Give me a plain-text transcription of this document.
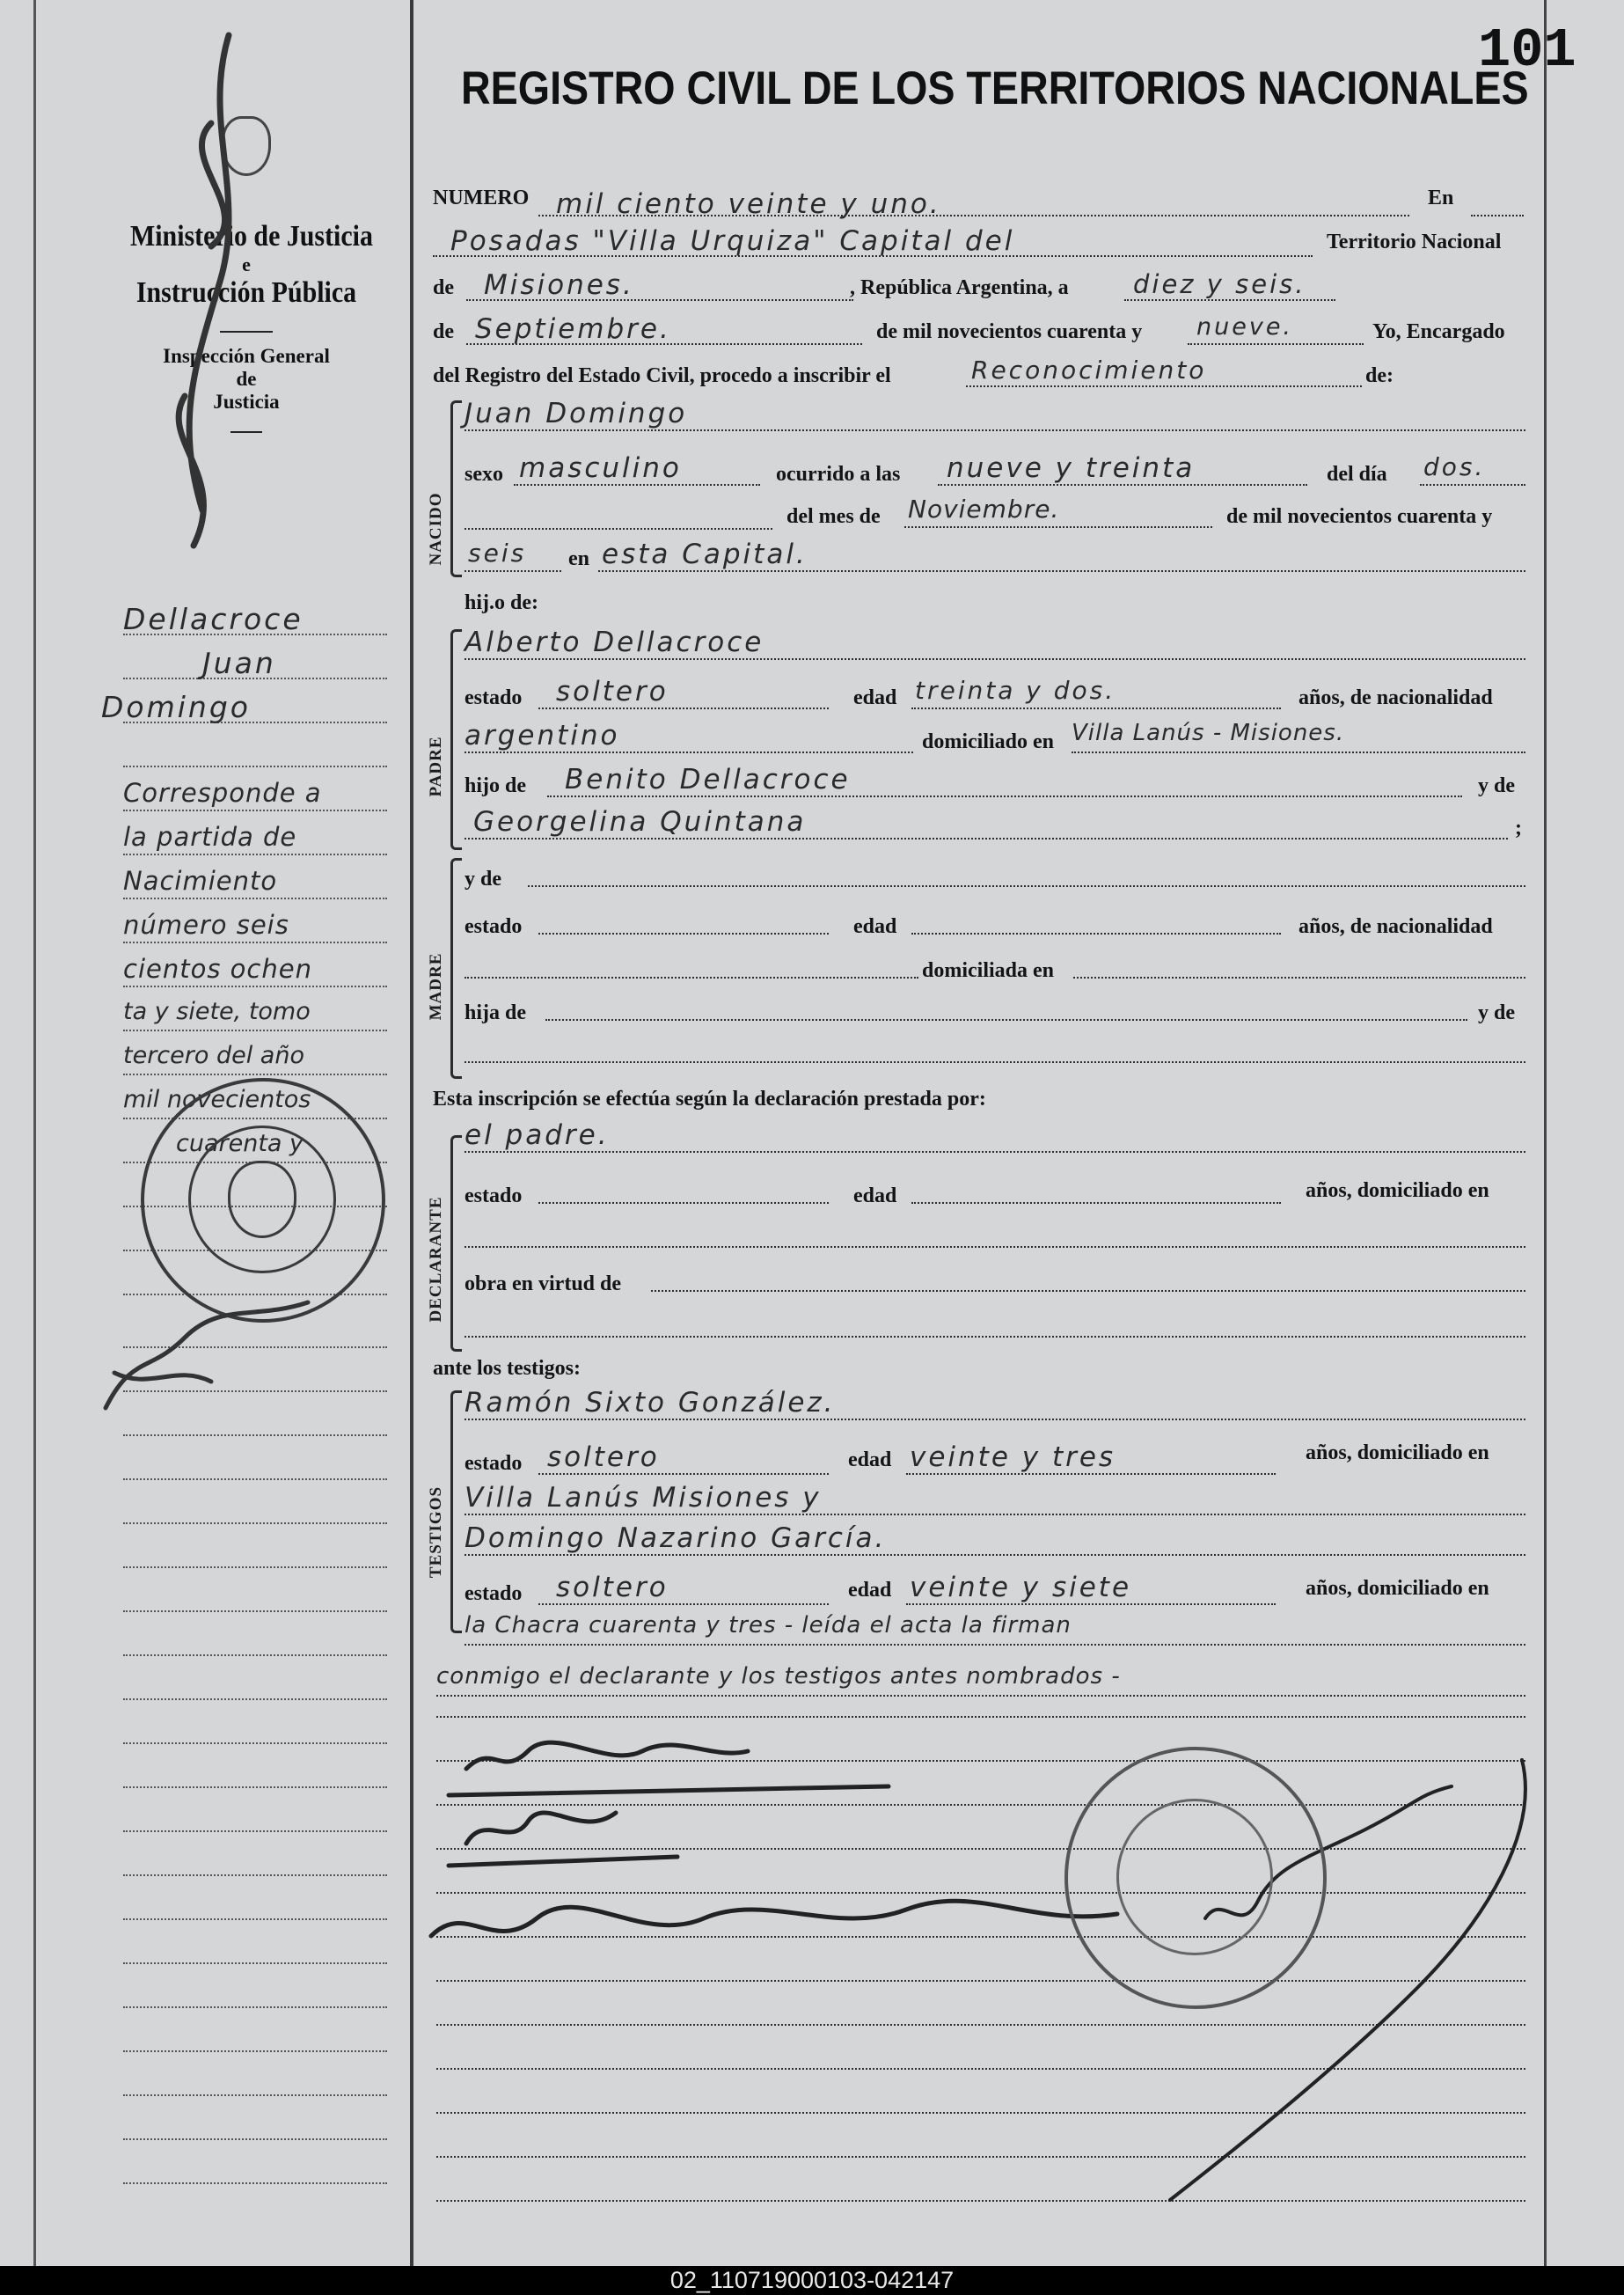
101
REGISTRO CIVIL DE LOS TERRITORIOS NACIONALES
Ministerio de Justicia
e
Instrucción Pública
Inspección General
de
Justicia
Dellacroce
Juan
Domingo
Corresponde a
la partida de
Nacimiento
número seis
cientos ochen
ta y siete, tomo
tercero del año
mil novecientos
cuarenta y
NUMERO mil ciento veinte y uno.	En
Posadas "Villa Urquiza" Capital del	Territorio Nacional
de	Misiones.	, República Argentina, a	diez y seis.
de Septiembre.	de mil novecientos cuarenta y	nueve.	Yo, Encargado
del Registro del Estado Civil, procedo a inscribir el	Reconocimiento	de:
NACIDO
Juan Domingo
sexo masculino	ocurrido a las	nueve y treinta	del día dos.
del mes de Noviembre.	de mil novecientos cuarenta y
seis	en esta Capital.
hij.o de:
PADRE
Alberto Dellacroce
estado	soltero	edad treinta y dos.	años, de nacionalidad
argentino	domiciliado en Villa Lanús - Misiones.
hijo de	Benito Dellacroce	y de
Georgelina Quintana	;
MADRE
y de
estado	edad	años, de nacionalidad
domiciliada en
hija de	y de
Esta inscripción se efectúa según la declaración prestada por:
DECLARANTE
el padre.
estado	edad	años, domiciliado en
obra en virtud de
ante los testigos:
TESTIGOS
Ramón Sixto González.
estado soltero	edad veinte y tres	años, domiciliado en
Villa Lanús Misiones y
Domingo Nazarino García.
estado	soltero	edad veinte y siete	años, domiciliado en
la Chacra cuarenta y tres - leída el acta la firman
conmigo el declarante y los testigos antes nombrados -
02_110719000103-042147
